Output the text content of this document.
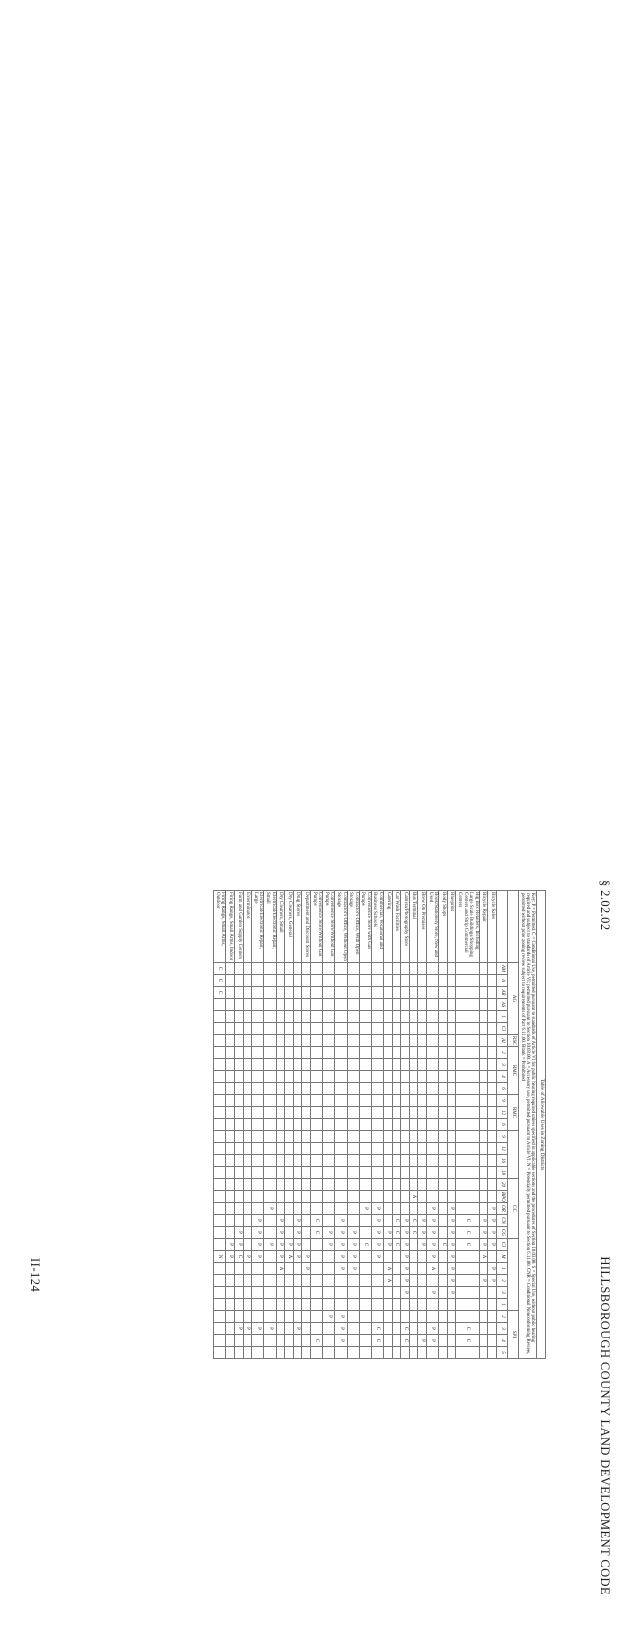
§ 2.02.02
HILLSBOROUGH COUNTY LAND DEVELOPMENT CODE
Table of Allowable Uses in Zoning Districts																																	
Key: P = Permitted. C = Conditional Use, permitted pursuant to standards of Article VI for public hearing required unless specified in applicable sections and the procedures of Section 10.03.00. S = Special Use, without public hearing required and subject to standards of Article VI; permitted pursuant to Section 10.03.00. A = Accessory use, permitted pursuant to Article VI. N = Potentially permitted pursuant to Section 6.11.00. CNR = Conditional Nonconforming Review, permitted without prior zoning review subject to requirements of Part 6.11.00. Blank = Prohibited																																	
	AG						RSC	RMC				RMC							CC											SPI			
	AM	A	AR	AS	1	CI	AI	2	3	4	6	9	12	6	9	12	16	18	20	BPO	OR	CN	CG	CI	M	1	2	3	1	2	3	4	5
Bicycle Sales																					P	P	P	P		P	P						
Bicycle Repair																						P	P	P	A		P						
Big Box Retailers, Including Large Scale Buildings/Shopping Centers and Strip Commercial Centers																						C	C	C							C	C	
Blueprint																					P	P	P	P	P	P	P	P					
Body Shops																								C									
Book/Stationery Store, New and Used																					P	P	P	P	P	A		P			P	P	
Brew On Premises																						P	P	P								P	
Bus Terminal																				A		C	C										
Camera/Photography Store																						P	P	P	P	P	P	P			C	C	
Car Wash Facilities																						C	C	C									
Catering																							P	P		A	A						
Commercial, Vocational and Business Schools																					P	P	P	P	P						C	C	
Convenience Store with Gas Pumps																					P			C									
Contractor's Office, With Open Storage																							P	P	P	P							
Contractor's Office, Without Open Storage																						P	P	P	P	P				P	P	P	
Convenience Store/Without Gas Pumps																							P	P						P			
Convenience Store/Without Gas Pumps																						C	C									C	
Department and Discount Stores																									P	P							
Drug Stores																						P	P	P	P						P		
Dry Cleaners, General																								P	A								
Dry Cleaners, Small																						P	P	P	P	A							
Electrical/Electronic Repair, Small																					P			P							P		
Electrical/Electronic Repair, Large																						P	P	P	P						P		
Exterminator																									P						P		
Farm and Garden Supply Centers																							P	P	C						P		
Firing Range, Small Arms, Indoor																								P	P								
Firing Range, Small Arms, Outdoor	C	C	C																						N								
II-124
